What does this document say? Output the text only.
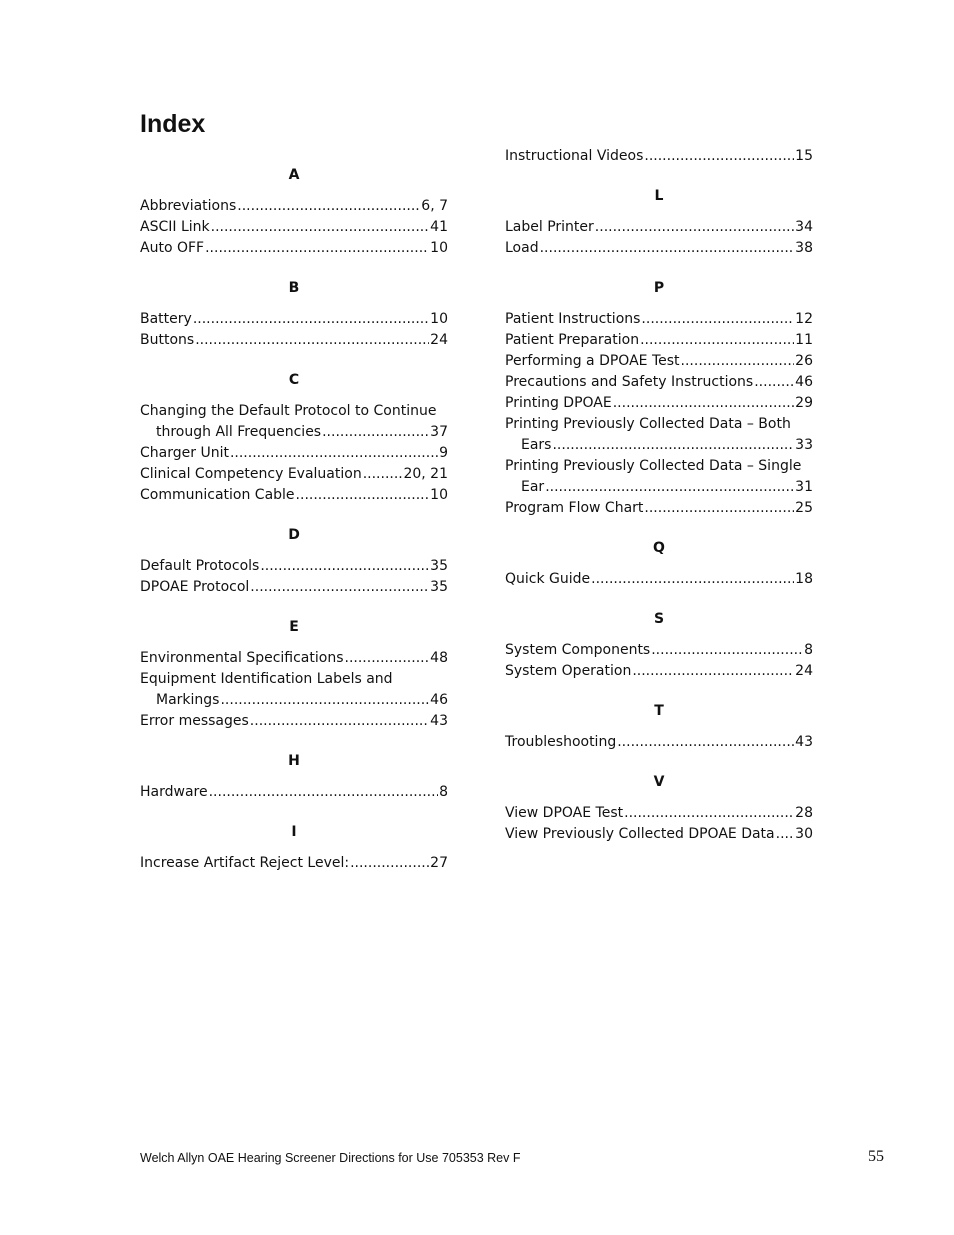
Index
A
Abbreviations .....	6, 7
ASCII Link .....	41
Auto OFF .....	10
B
Battery .....	10
Buttons .....	24
C
Changing the Default Protocol to Continue
through All Frequencies .....	37
Charger Unit .....	9
Clinical Competency Evaluation .....	20, 21
Communication Cable .....	10
D
Default Protocols .....	35
DPOAE Protocol .....	35
E
Environmental Specifications .....	48
Equipment Identification Labels and
Markings .....	46
Error messages .....	43
H
Hardware .....	8
I
Increase Artifact Reject Level: .....	27
Instructional Videos .....	15
L
Label Printer .....	34
Load .....	38
P
Patient Instructions .....	12
Patient Preparation .....	11
Performing a DPOAE Test .....	26
Precautions and Safety Instructions .....	46
Printing DPOAE .....	29
Printing Previously Collected Data – Both
Ears .....	33
Printing Previously Collected Data – Single
Ear .....	31
Program Flow Chart .....	25
Q
Quick Guide .....	18
S
System Components .....	8
System Operation .....	24
T
Troubleshooting .....	43
V
View DPOAE Test .....	28
View Previously Collected DPOAE Data ..... 30
Welch Allyn OAE Hearing Screener Directions for Use 705353 Rev F	55
